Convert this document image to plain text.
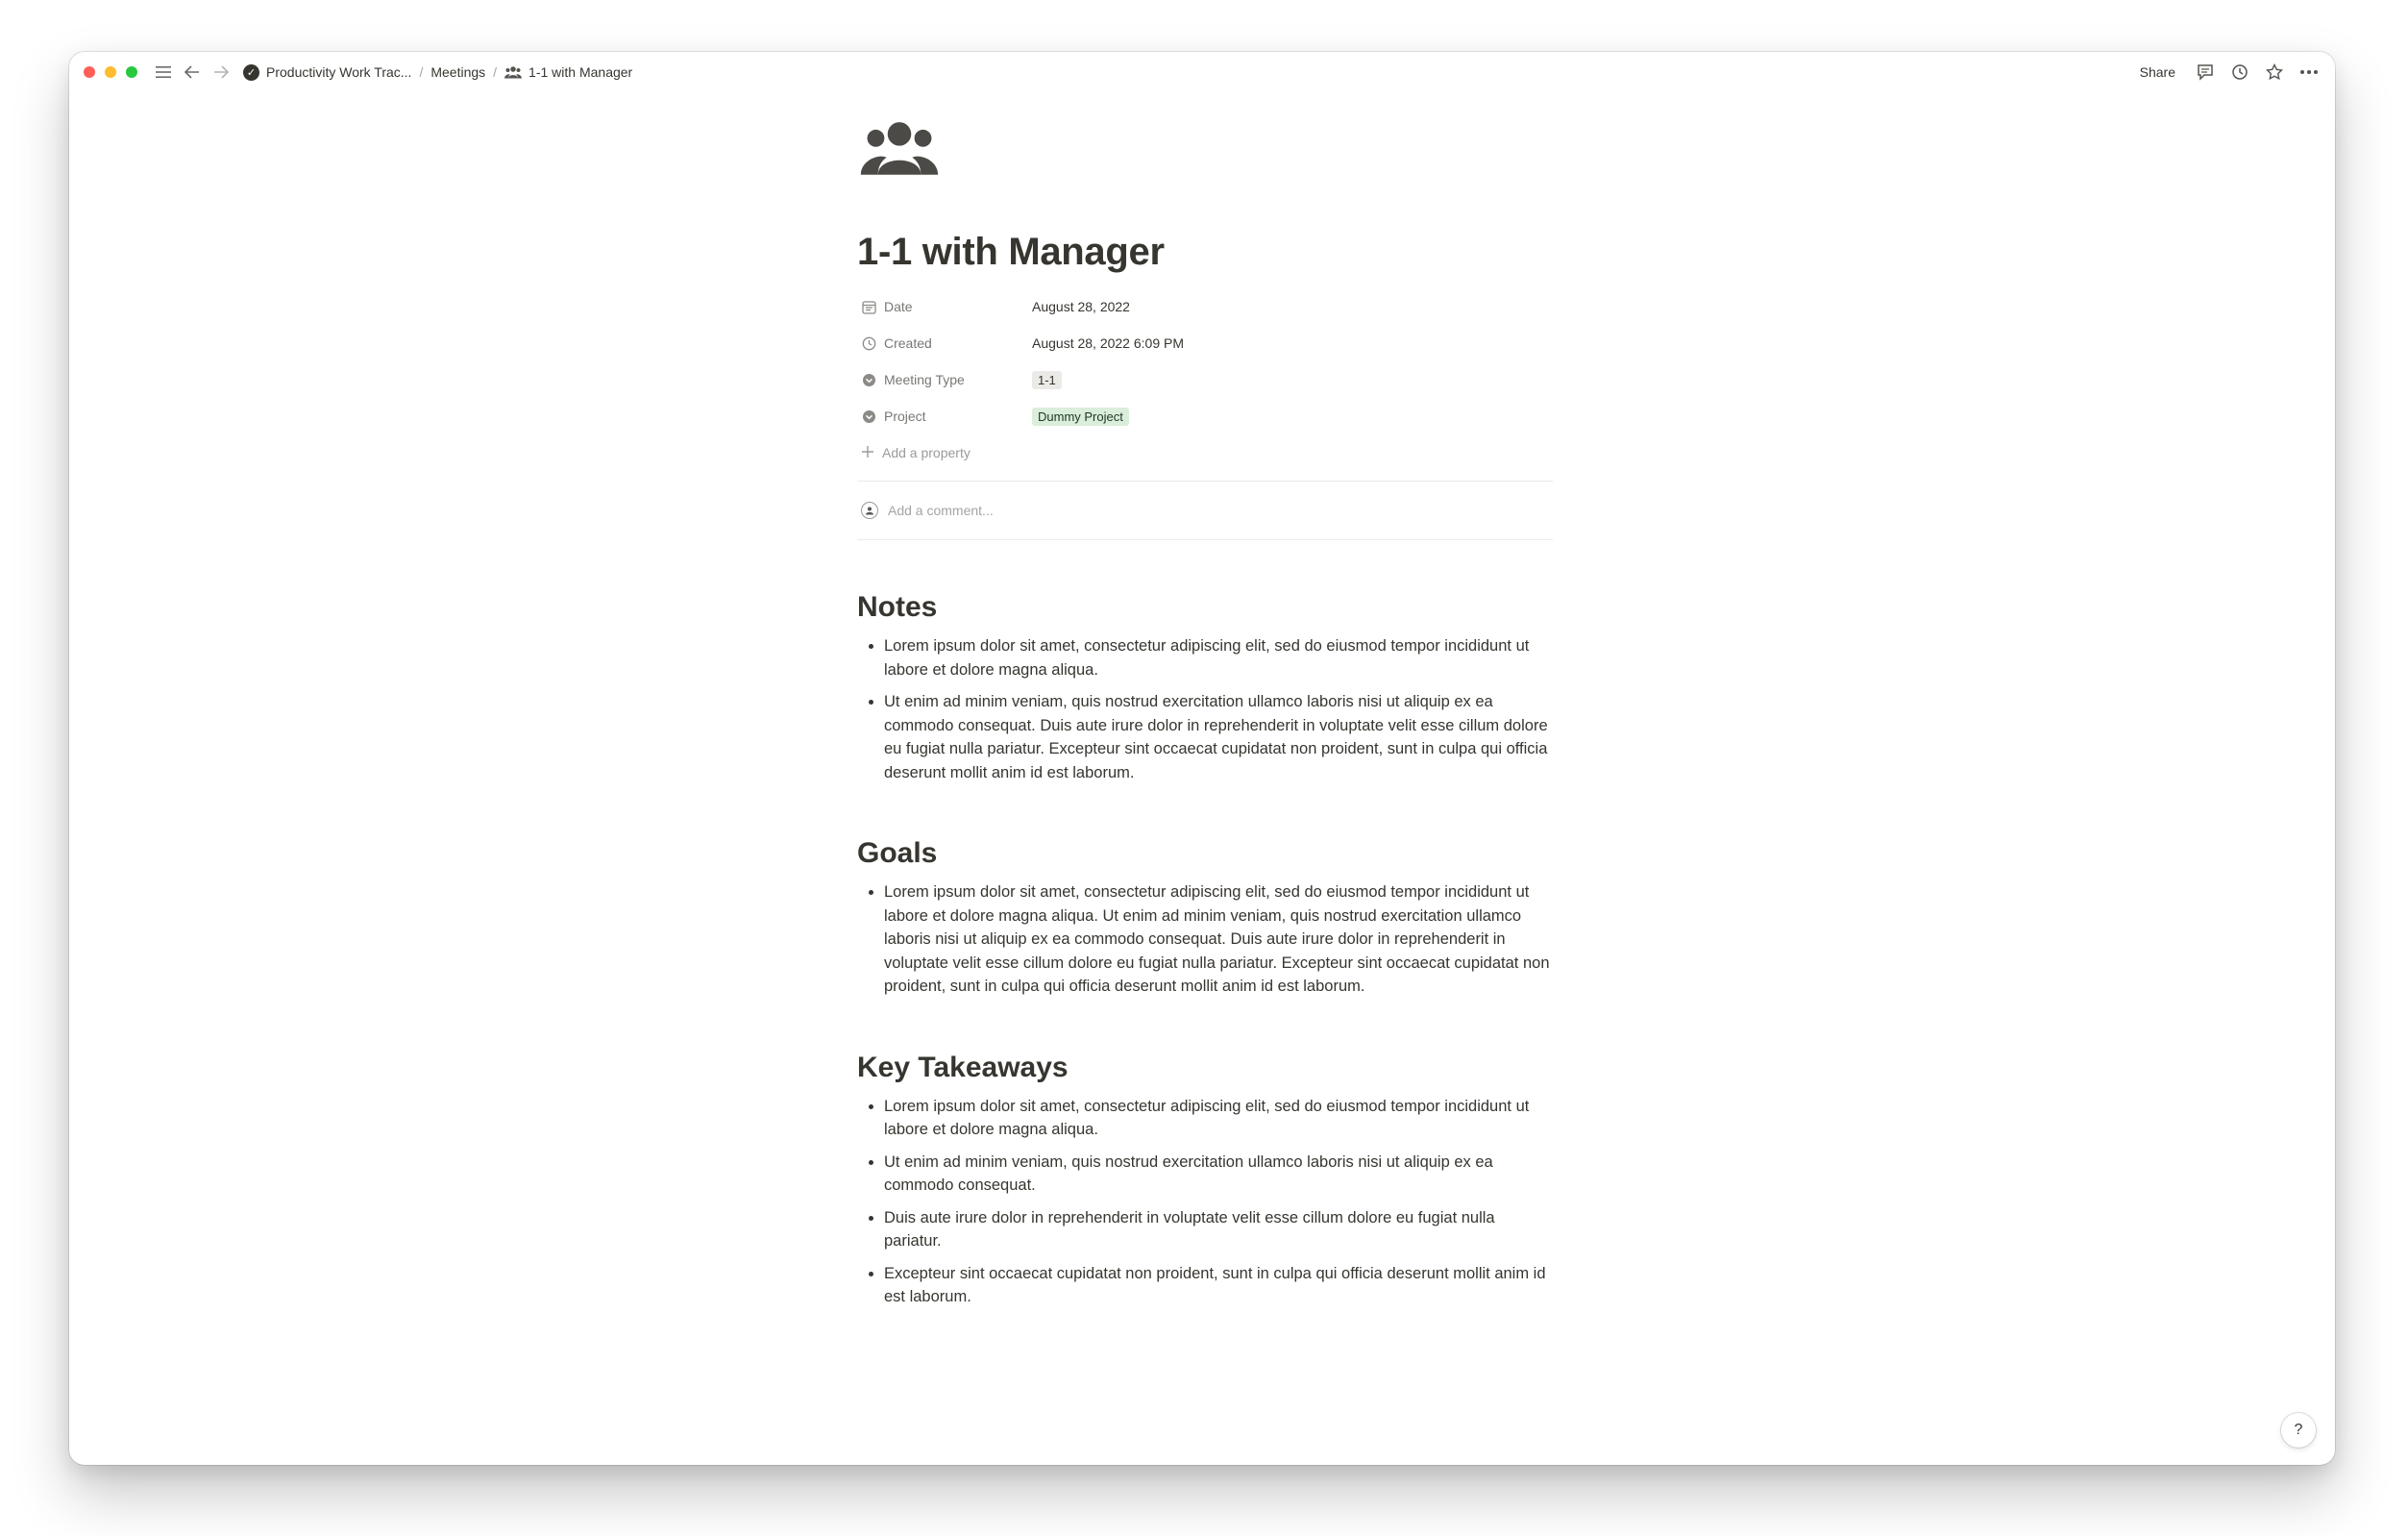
✓ Productivity Work Trac... / Meetings / 1-1 with Manager	Share
1-1 with Manager
Date	August 28, 2022
Created	August 28, 2022 6:09 PM
Meeting Type	1-1
Project	Dummy Project
Add a property
Add a comment...
Notes
• Lorem ipsum dolor sit amet, consectetur adipiscing elit, sed do eiusmod tempor incididunt ut labore et dolore magna aliqua.
• Ut enim ad minim veniam, quis nostrud exercitation ullamco laboris nisi ut aliquip ex ea commodo consequat. Duis aute irure dolor in reprehenderit in voluptate velit esse cillum dolore eu fugiat nulla pariatur. Excepteur sint occaecat cupidatat non proident, sunt in culpa qui officia deserunt mollit anim id est laborum.
Goals
• Lorem ipsum dolor sit amet, consectetur adipiscing elit, sed do eiusmod tempor incididunt ut labore et dolore magna aliqua. Ut enim ad minim veniam, quis nostrud exercitation ullamco laboris nisi ut aliquip ex ea commodo consequat. Duis aute irure dolor in reprehenderit in voluptate velit esse cillum dolore eu fugiat nulla pariatur. Excepteur sint occaecat cupidatat non proident, sunt in culpa qui officia deserunt mollit anim id est laborum.
Key Takeaways
• Lorem ipsum dolor sit amet, consectetur adipiscing elit, sed do eiusmod tempor incididunt ut labore et dolore magna aliqua.
• Ut enim ad minim veniam, quis nostrud exercitation ullamco laboris nisi ut aliquip ex ea commodo consequat.
• Duis aute irure dolor in reprehenderit in voluptate velit esse cillum dolore eu fugiat nulla pariatur.
• Excepteur sint occaecat cupidatat non proident, sunt in culpa qui officia deserunt mollit anim id est laborum.
?
